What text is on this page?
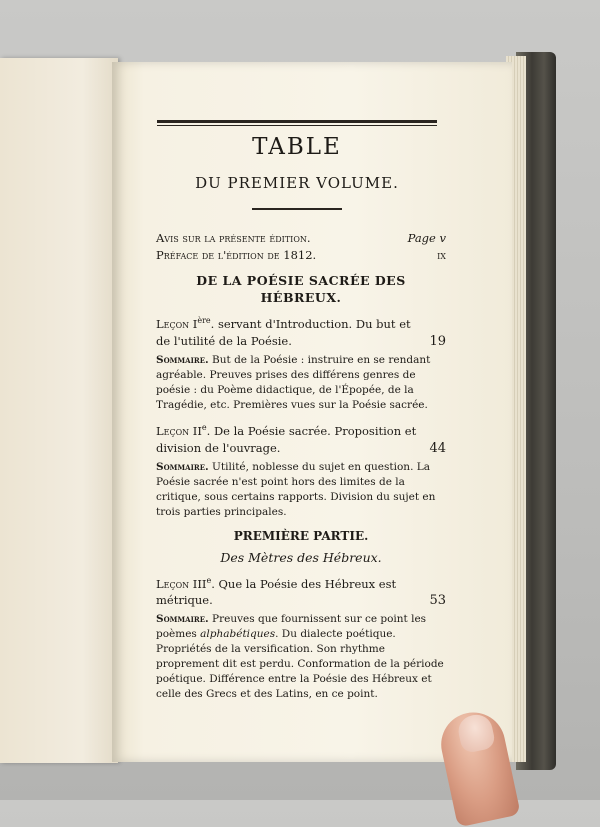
TABLE
DU PREMIER VOLUME.
Avis sur la présente édition.	Page v
Préface de l'édition de 1812.	ix
DE LA POÉSIE SACRÉE DES HÉBREUX.
Leçon Ière. servant d'Introduction. Du but et
de l'utilité de la Poésie.	19
Sommaire. But de la Poésie : instruire en se rendant agréable. Preuves prises des différens genres de poésie : du Poème didactique, de l'Épopée, de la Tragédie, etc. Premières vues sur la Poésie sacrée.
Leçon IIe. De la Poésie sacrée. Proposition et
division de l'ouvrage.	44
Sommaire. Utilité, noblesse du sujet en question. La Poésie sacrée n'est point hors des limites de la critique, sous certains rapports. Division du sujet en trois parties principales.
PREMIÈRE PARTIE.
Des Mètres des Hébreux.
Leçon IIIe. Que la Poésie des Hébreux est
métrique.	53
Sommaire. Preuves que fournissent sur ce point les poèmes alphabétiques. Du dialecte poétique. Propriétés de la versification. Son rhythme proprement dit est perdu. Conformation de la période poétique. Différence entre la Poésie des Hébreux et celle des Grecs et des Latins, en ce point.
